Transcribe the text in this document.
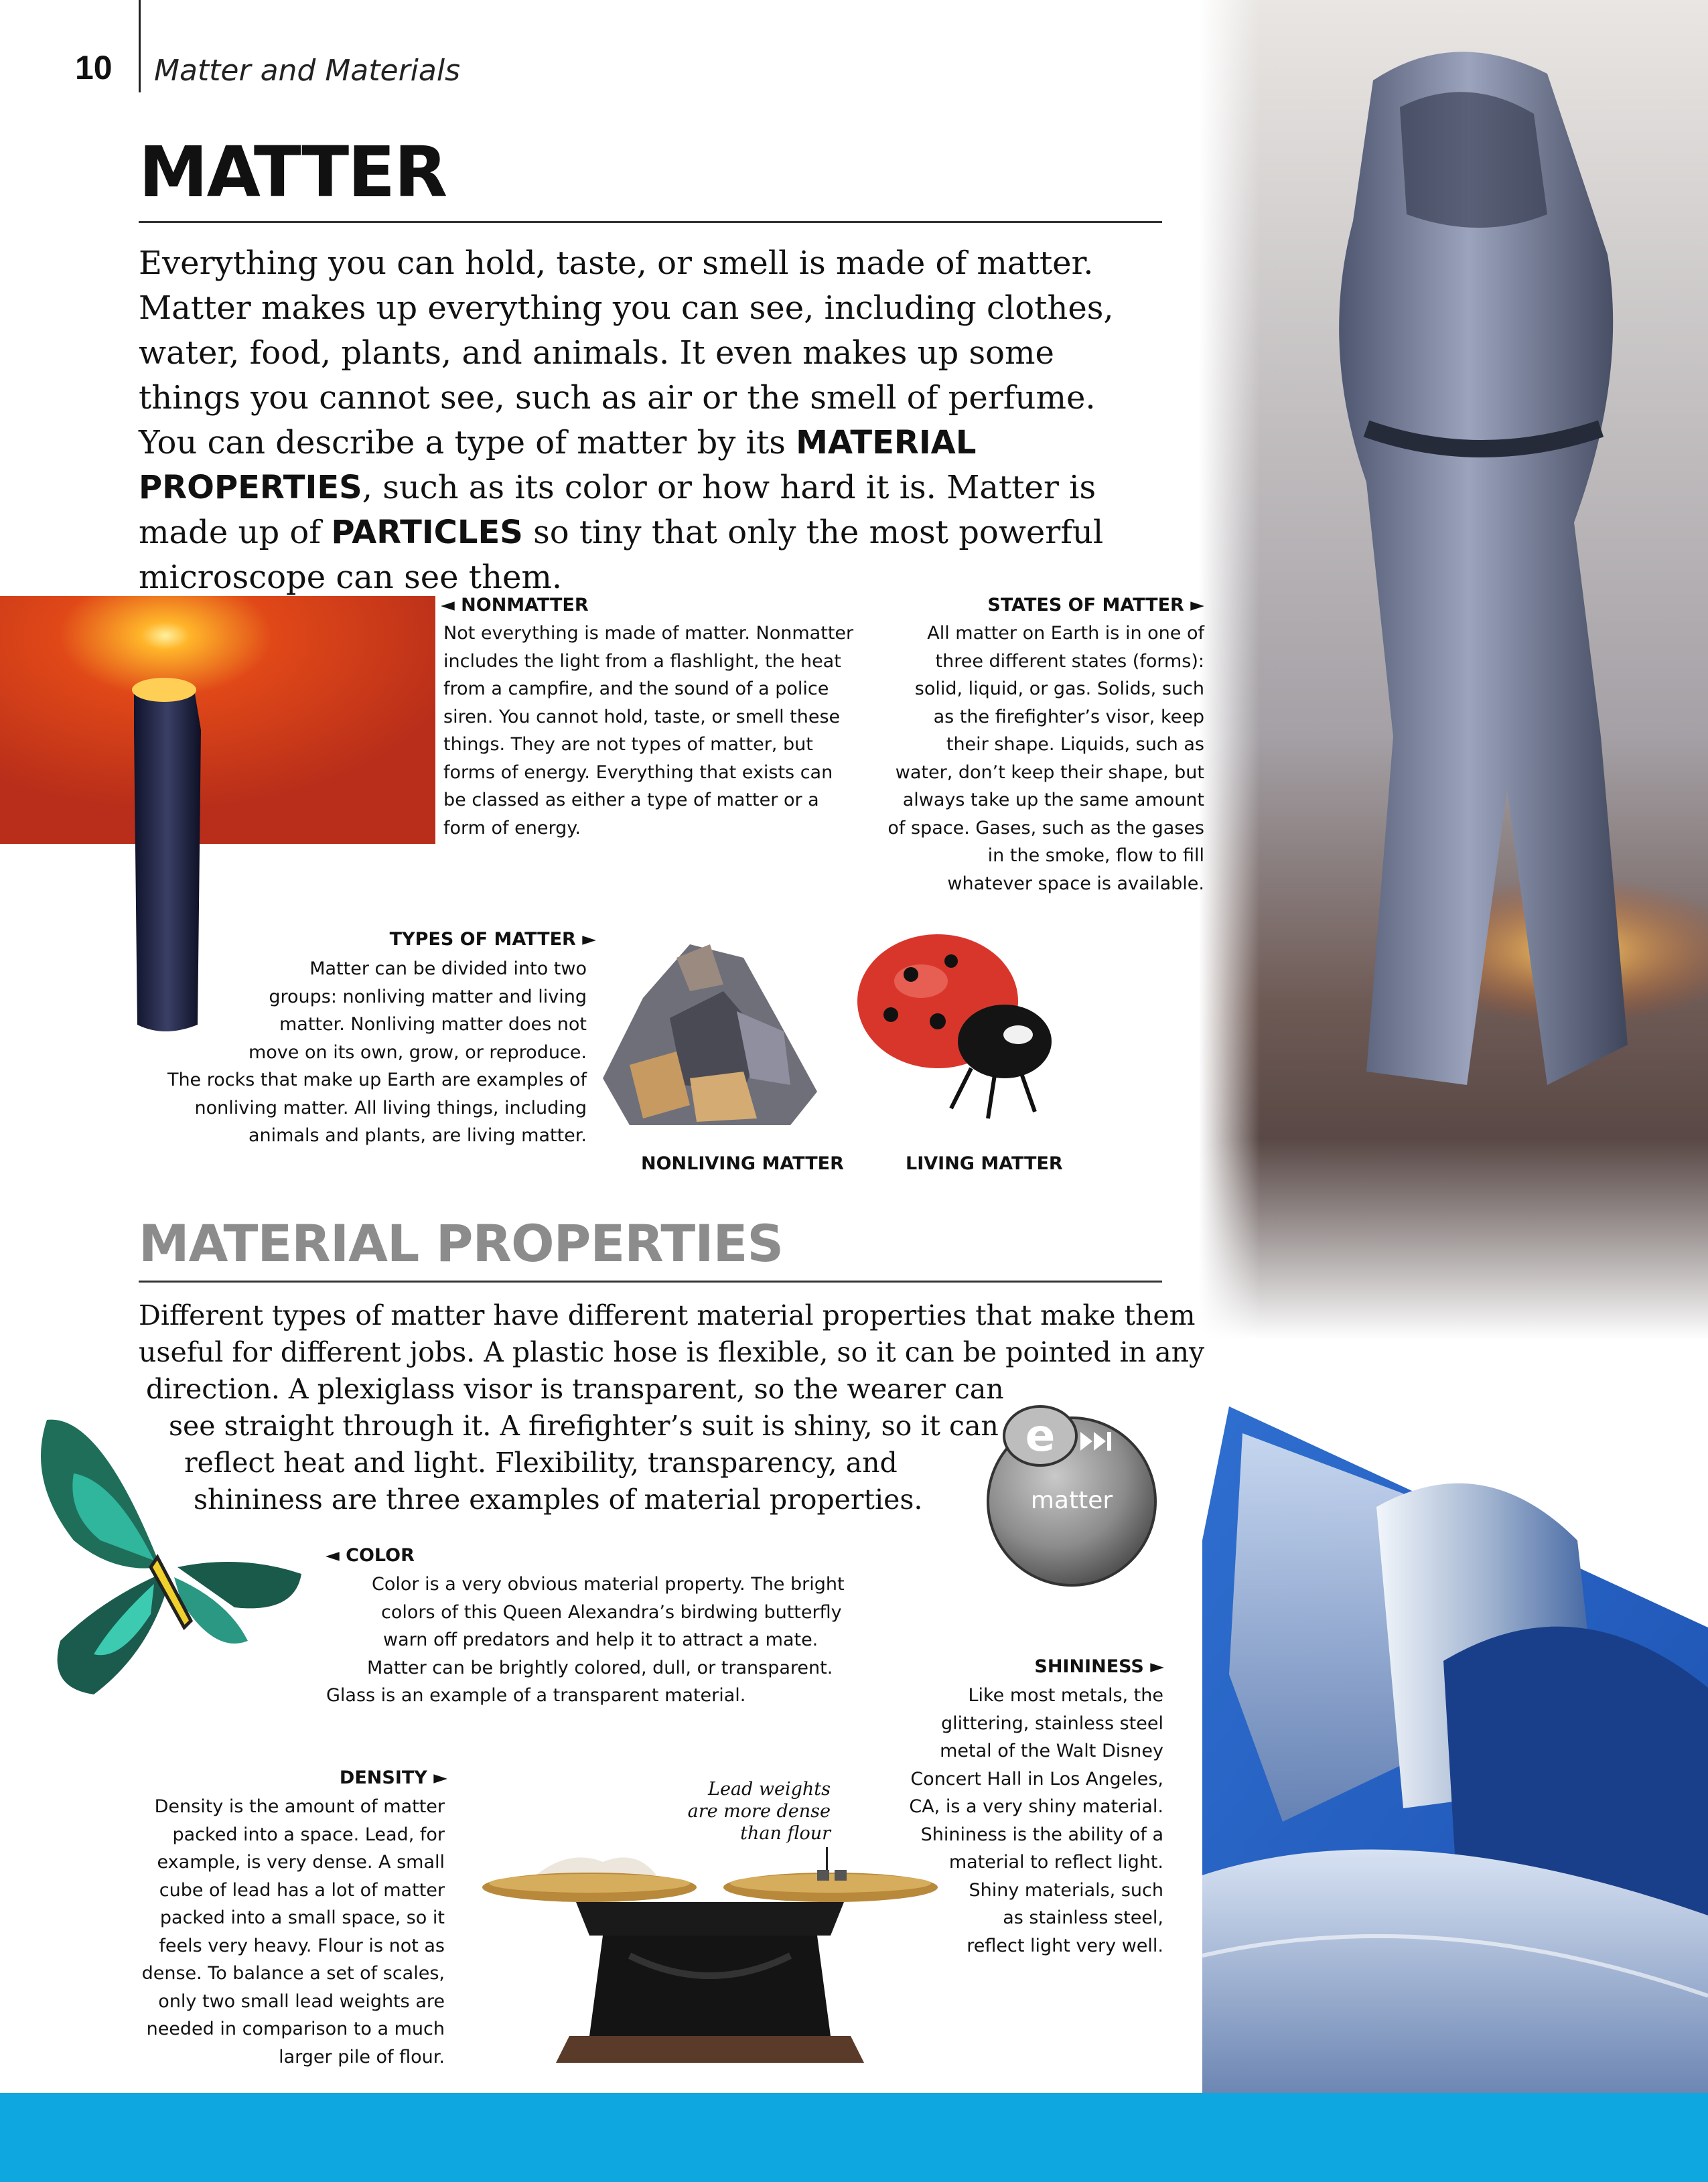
10 Matter and Materials
MATTER
Everything you can hold, taste, or smell is made of matter. Matter makes up everything you can see, including clothes, water, food, plants, and animals. It even makes up some things you cannot see, such as air or the smell of perfume. You can describe a type of matter by its MATERIAL PROPERTIES, such as its color or how hard it is. Matter is made up of PARTICLES so tiny that only the most powerful microscope can see them.
◄ NONMATTER
Not everything is made of matter. Nonmatter
includes the light from a flashlight, the heat
from a campfire, and the sound of a police
siren. You cannot hold, taste, or smell these
things. They are not types of matter, but
forms of energy. Everything that exists can
be classed as either a type of matter or a
form of energy.
STATES OF MATTER ►
All matter on Earth is in one of
three different states (forms):
solid, liquid, or gas. Solids, such
as the firefighter’s visor, keep
their shape. Liquids, such as
water, don’t keep their shape, but
always take up the same amount
of space. Gases, such as the gases
in the smoke, flow to fill
whatever space is available.
TYPES OF MATTER ►
Matter can be divided into two
groups: nonliving matter and living
matter. Nonliving matter does not
move on its own, grow, or reproduce.
The rocks that make up Earth are examples of
nonliving matter. All living things, including
animals and plants, are living matter.
NONLIVING MATTER	LIVING MATTER
MATERIAL PROPERTIES
Different types of matter have different material properties that make them
useful for different jobs. A plastic hose is flexible, so it can be pointed in any
direction. A plexiglass visor is transparent, so the wearer can
see straight through it. A firefighter’s suit is shiny, so it can
reflect heat and light. Flexibility, transparency, and
shininess are three examples of material properties.
e
matter
◄ COLOR
Color is a very obvious material property. The bright
colors of this Queen Alexandra’s birdwing butterfly
warn off predators and help it to attract a mate.
Matter can be brightly colored, dull, or transparent.
Glass is an example of a transparent material.
SHININESS ►
Like most metals, the
glittering, stainless steel
metal of the Walt Disney
Concert Hall in Los Angeles,
CA, is a very shiny material.
Shininess is the ability of a
material to reflect light.
Shiny materials, such
as stainless steel,
reflect light very well.
DENSITY ►
Density is the amount of matter
packed into a space. Lead, for
example, is very dense. A small
cube of lead has a lot of matter
packed into a small space, so it
feels very heavy. Flour is not as
dense. To balance a set of scales,
only two small lead weights are
needed in comparison to a much
larger pile of flour.
Lead weights
are more dense
than flour
